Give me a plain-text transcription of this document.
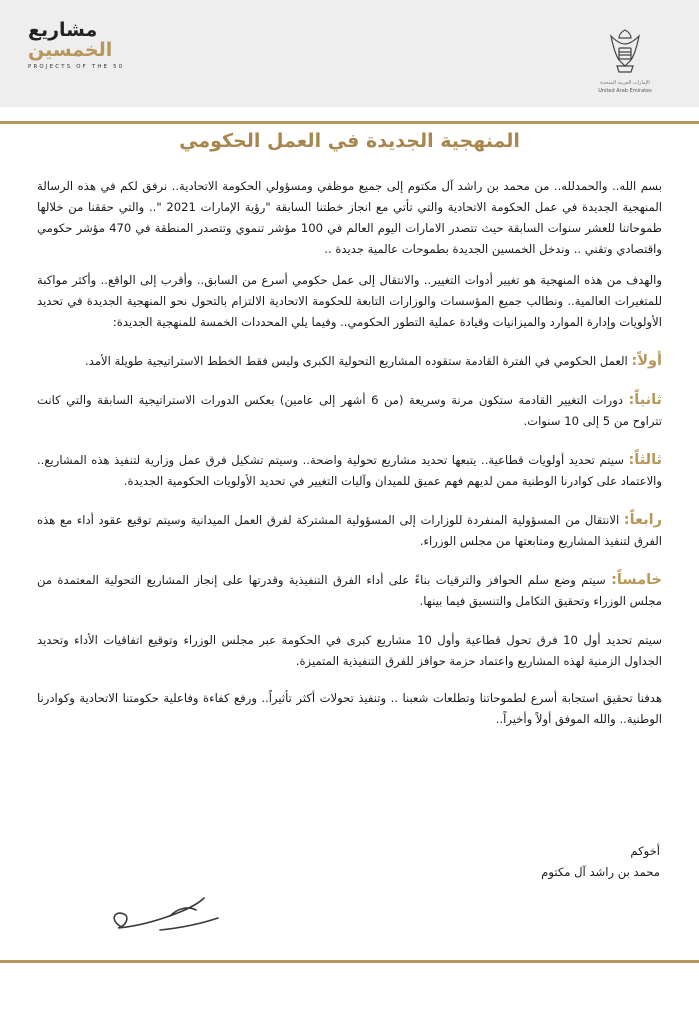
الإمارات العربية المتحدة
United Arab Emirates
مشاريع
الخمسين
PROJECTS OF THE 50
المنهجية الجديدة في العمل الحكومي

بسم الله.. والحمدلله.. من محمد بن راشد آل مكتوم إلى جميع موظفي ومسؤولي الحكومة الاتحادية.. نرفق لكم في هذه الرسالة المنهجية الجديدة في عمل الحكومة الاتحادية والتي تأتي مع انجاز خطتنا السابقة "رؤية الإمارات 2021 ".. والتي حققنا من خلالها طموحاتنا للعشر سنوات السابقة حيث تتصدر الامارات اليوم العالم في 100 مؤشر تنموي وتتصدر المنطقة في 470 مؤشر حكومي واقتصادي وتقني .. وندخل الخمسين الجديدة بطموحات عالمية جديدة ..

والهدف من هذه المنهجية هو تغيير أدوات التغيير.. والانتقال إلى عمل حكومي أسرع من السابق.. وأقرب إلى الواقع.. وأكثر مواكبة للمتغيرات العالمية.. ونطالب جميع المؤسسات والوزارات التابعة للحكومة الاتحادية الالتزام بالتحول نحو المنهجية الجديدة في تحديد الأولويات وإدارة الموارد والميزانيات وقيادة عملية التطور الحكومي.. وفيما يلي المحددات الخمسة للمنهجية الجديدة:

أولاً: العمل الحكومي في الفترة القادمة ستقوده المشاريع التحولية الكبرى وليس فقط الخطط الاستراتيجية طويلة الأمد.

ثانياً: دورات التغيير القادمة ستكون مرنة وسريعة (من 6 أشهر إلى عامين) بعكس الدورات الاستراتيجية السابقة والتي كانت تتراوح من 5 إلى 10 سنوات.

ثالثاً: سيتم تحديد أولويات قطاعية.. يتبعها تحديد مشاريع تحولية واضحة.. وسيتم تشكيل فرق عمل وزارية لتنفيذ هذه المشاريع.. والاعتماد على كوادرنا الوطنية ممن لديهم فهم عميق للميدان وآليات التغيير في تحديد الأولويات الحكومية الجديدة.

رابعاً: الانتقال من المسؤولية المنفردة للوزارات إلى المسؤولية المشتركة لفرق العمل الميدانية وسيتم توقيع عقود أداء مع هذه الفرق لتنفيذ المشاريع ومتابعتها من مجلس الوزراء.

خامساً: سيتم وضع سلم الحوافز والترقيات بناءً على أداء الفرق التنفيذية وقدرتها على إنجاز المشاريع التحولية المعتمدة من مجلس الوزراء وتحقيق التكامل والتنسيق فيما بينها.

سيتم تحديد أول 10 فرق تحول قطاعية وأول 10 مشاريع كبرى في الحكومة عبر مجلس الوزراء وتوقيع اتفاقيات الأداء وتحديد الجداول الزمنية لهذه المشاريع واعتماد حزمة حوافز للفرق التنفيذية المتميزة.

هدفنا تحقيق استجابة أسرع لطموحاتنا وتطلعات شعبنا .. وتنفيذ تحولات أكثر تأثيراً.. ورفع كفاءة وفاعلية حكومتنا الاتحادية وكوادرنا الوطنية.. والله الموفق أولاً وأخيراً..

أخوكم
محمد بن راشد آل مكتوم
